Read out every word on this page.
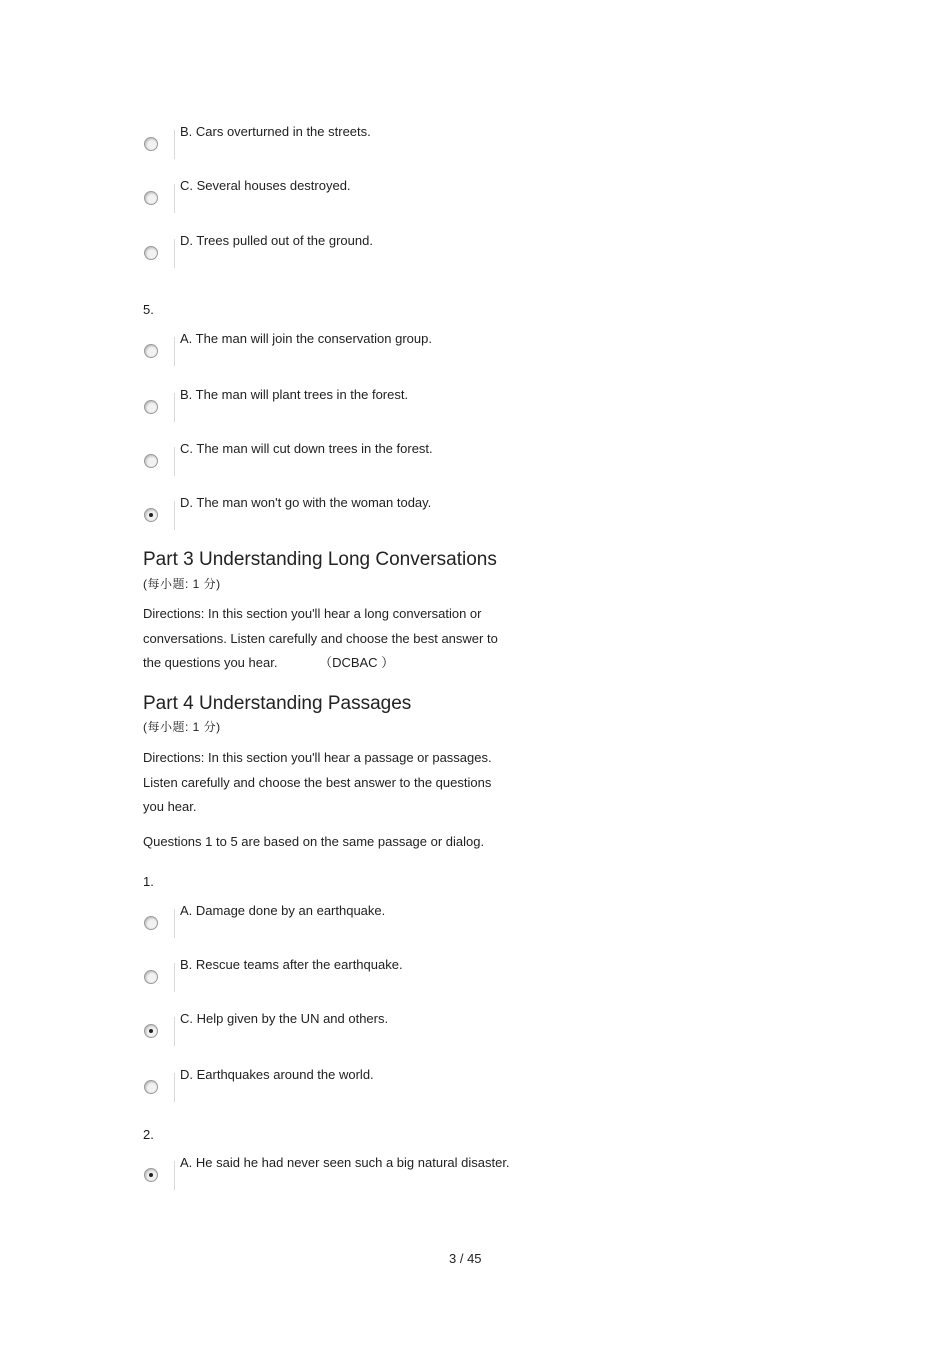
B. Cars overturned in the streets.
C. Several houses destroyed.
D. Trees pulled out of the ground.
5.
A. The man will join the conservation group.
B. The man will plant trees in the forest.
C. The man will cut down trees in the forest.
D. The man won't go with the woman today.
Part 3 Understanding Long Conversations
(每小题: 1 分)
Directions: In this section you'll hear a long conversation or
conversations. Listen carefully and choose the best answer to
the questions you hear.	（DCBAC ）
Part 4 Understanding Passages
(每小题: 1 分)
Directions: In this section you'll hear a passage or passages.
Listen carefully and choose the best answer to the questions
you hear.
Questions 1 to 5 are based on the same passage or dialog.
1.
A. Damage done by an earthquake.
B. Rescue teams after the earthquake.
C. Help given by the UN and others.
D. Earthquakes around the world.
2.
A. He said he had never seen such a big natural disaster.
3 / 45
